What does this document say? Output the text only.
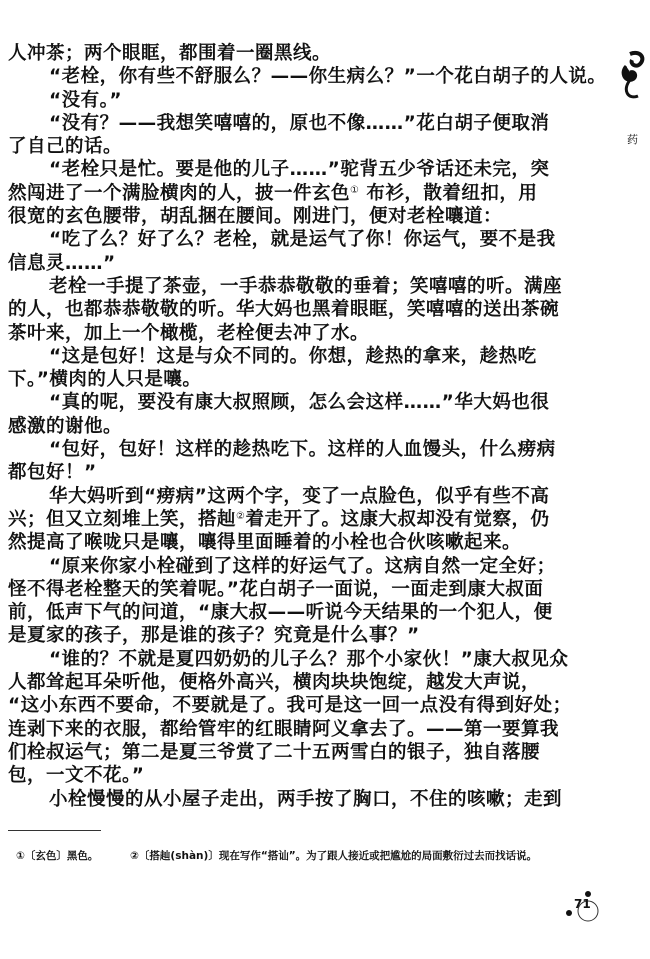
人冲茶；两个眼眶，都围着一圈黑线。
“老栓，你有些不舒服么？——你生病么？”一个花白胡子的人说。
“没有。”
“没有？——我想笑嘻嘻的，原也不像……”花白胡子便取消
了自己的话。
“老栓只是忙。要是他的儿子……”驼背五少爷话还未完，突
然闯进了一个满脸横肉的人，披一件玄色① 布衫，散着纽扣，用
很宽的玄色腰带，胡乱捆在腰间。刚进门，便对老栓嚷道：
“吃了么？好了么？老栓，就是运气了你！你运气，要不是我
信息灵……”
老栓一手提了茶壶，一手恭恭敬敬的垂着；笑嘻嘻的听。满座
的人，也都恭恭敬敬的听。华大妈也黑着眼眶，笑嘻嘻的送出茶碗
茶叶来，加上一个橄榄，老栓便去冲了水。
“这是包好！这是与众不同的。你想，趁热的拿来，趁热吃
下。”横肉的人只是嚷。
“真的呢，要没有康大叔照顾，怎么会这样……”华大妈也很
感激的谢他。
“包好，包好！这样的趁热吃下。这样的人血馒头，什么痨病
都包好！”
华大妈听到“痨病”这两个字，变了一点脸色，似乎有些不高
兴；但又立刻堆上笑，搭赸②着走开了。这康大叔却没有觉察，仍
然提高了喉咙只是嚷，嚷得里面睡着的小栓也合伙咳嗽起来。
“原来你家小栓碰到了这样的好运气了。这病自然一定全好；
怪不得老栓整天的笑着呢。”花白胡子一面说，一面走到康大叔面
前，低声下气的问道，“康大叔——听说今天结果的一个犯人，便
是夏家的孩子，那是谁的孩子？究竟是什么事？”
“谁的？不就是夏四奶奶的儿子么？那个小家伙！”康大叔见众
人都耸起耳朵听他，便格外高兴，横肉块块饱绽，越发大声说，
“这小东西不要命，不要就是了。我可是这一回一点没有得到好处；
连剥下来的衣服，都给管牢的红眼睛阿义拿去了。——第一要算我
们栓叔运气；第二是夏三爷赏了二十五两雪白的银子，独自落腰
包，一文不花。”
小栓慢慢的从小屋子走出，两手按了胸口，不住的咳嗽；走到
药
①〔玄色〕黑色。	②〔搭赸(shàn)〕现在写作“搭讪”。为了跟人接近或把尴尬的局面敷衍过去而找话说。
71
